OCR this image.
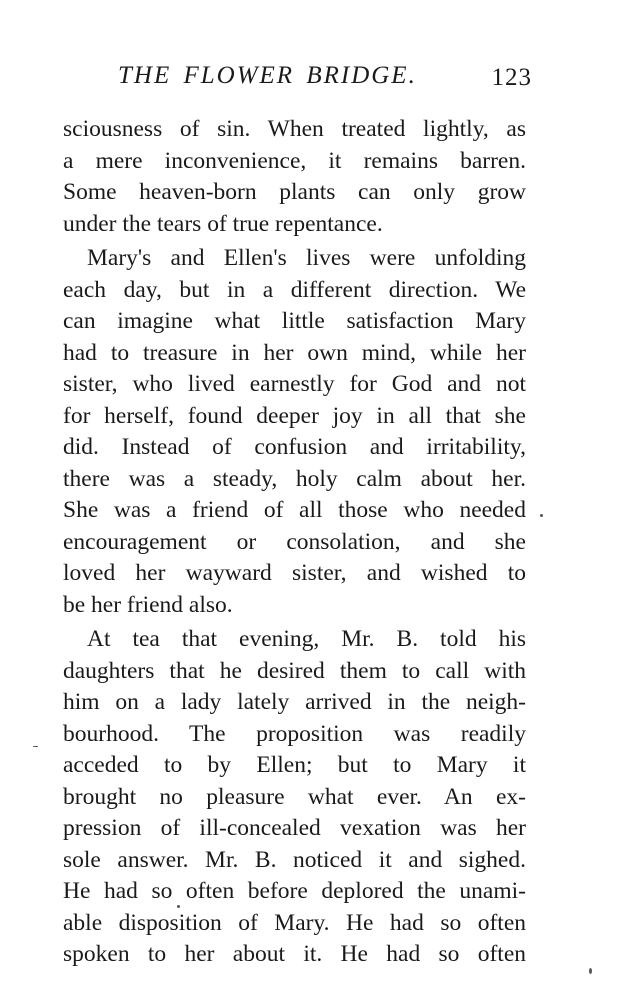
THE FLOWER BRIDGE.	123
sciousness of sin. When treated lightly, as
a mere inconvenience, it remains barren.
Some heaven-born plants can only grow
under the tears of true repentance.
Mary's and Ellen's lives were unfolding
each day, but in a different direction. We
can imagine what little satisfaction Mary
had to treasure in her own mind, while her
sister, who lived earnestly for God and not
for herself, found deeper joy in all that she
did. Instead of confusion and irritability,
there was a steady, holy calm about her.
She was a friend of all those who needed
encouragement or consolation, and she
loved her wayward sister, and wished to
be her friend also.
At tea that evening, Mr. B. told his
daughters that he desired them to call with
him on a lady lately arrived in the neigh-
bourhood. The proposition was readily
acceded to by Ellen; but to Mary it
brought no pleasure what ever. An ex-
pression of ill-concealed vexation was her
sole answer. Mr. B. noticed it and sighed.
He had so often before deplored the unami-
able disposition of Mary. He had so often
spoken to her about it. He had so often
